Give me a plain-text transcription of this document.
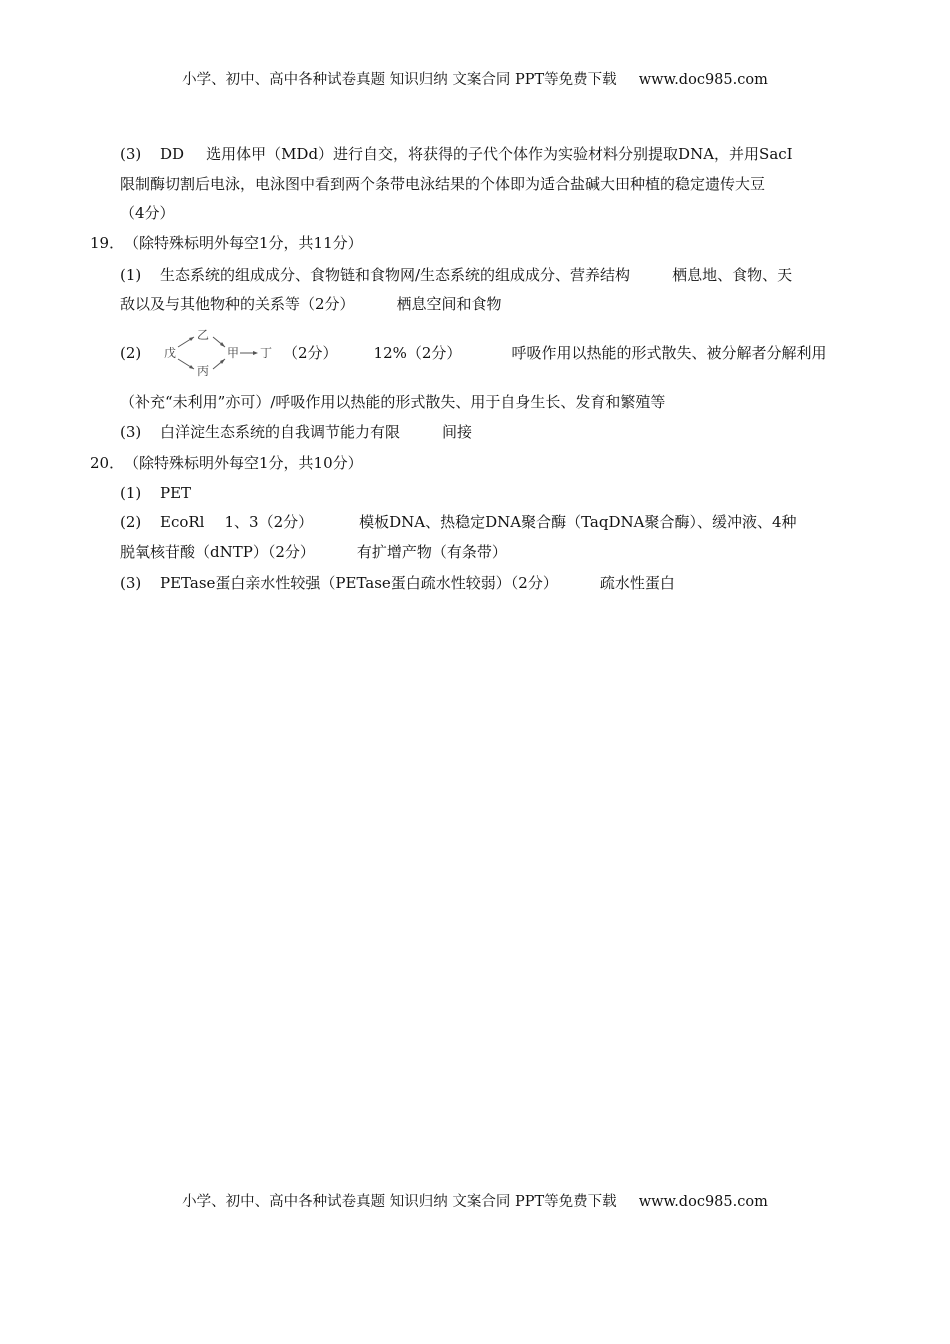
小学、初中、高中各种试卷真题 知识归纳 文案合同 PPT等免费下载 www.doc985.com
(3) DD 选用体甲（MDd）进行自交，将获得的子代个体作为实验材料分别提取DNA，并用SacI
限制酶切割后电泳，电泳图中看到两个条带电泳结果的个体即为适合盐碱大田种植的稳定遗传大豆
（4分）
19．（除特殊标明外每空1分，共11分）
(1) 生态系统的组成成分、食物链和食物网/生态系统的组成成分、营养结构	栖息地、食物、天
敌以及与其他物种的关系等（2分）	栖息空间和食物
(2) 戊
乙
丙
甲 丁 （2分） 12%（2分）	呼吸作用以热能的形式散失、被分解者分解利用
（补充“未利用”亦可）/呼吸作用以热能的形式散失、用于自身生长、发育和繁殖等
(3) 白洋淀生态系统的自我调节能力有限	间接
20．（除特殊标明外每空1分，共10分）
(1) PET
(2) EcoRl 1、3（2分）	模板DNA、热稳定DNA聚合酶（TaqDNA聚合酶）、缓冲液、4种
脱氧核苷酸（dNTP）（2分）	有扩增产物（有条带）
(3) PETase蛋白亲水性较强（PETase蛋白疏水性较弱）（2分）	疏水性蛋白
小学、初中、高中各种试卷真题 知识归纳 文案合同 PPT等免费下载 www.doc985.com
